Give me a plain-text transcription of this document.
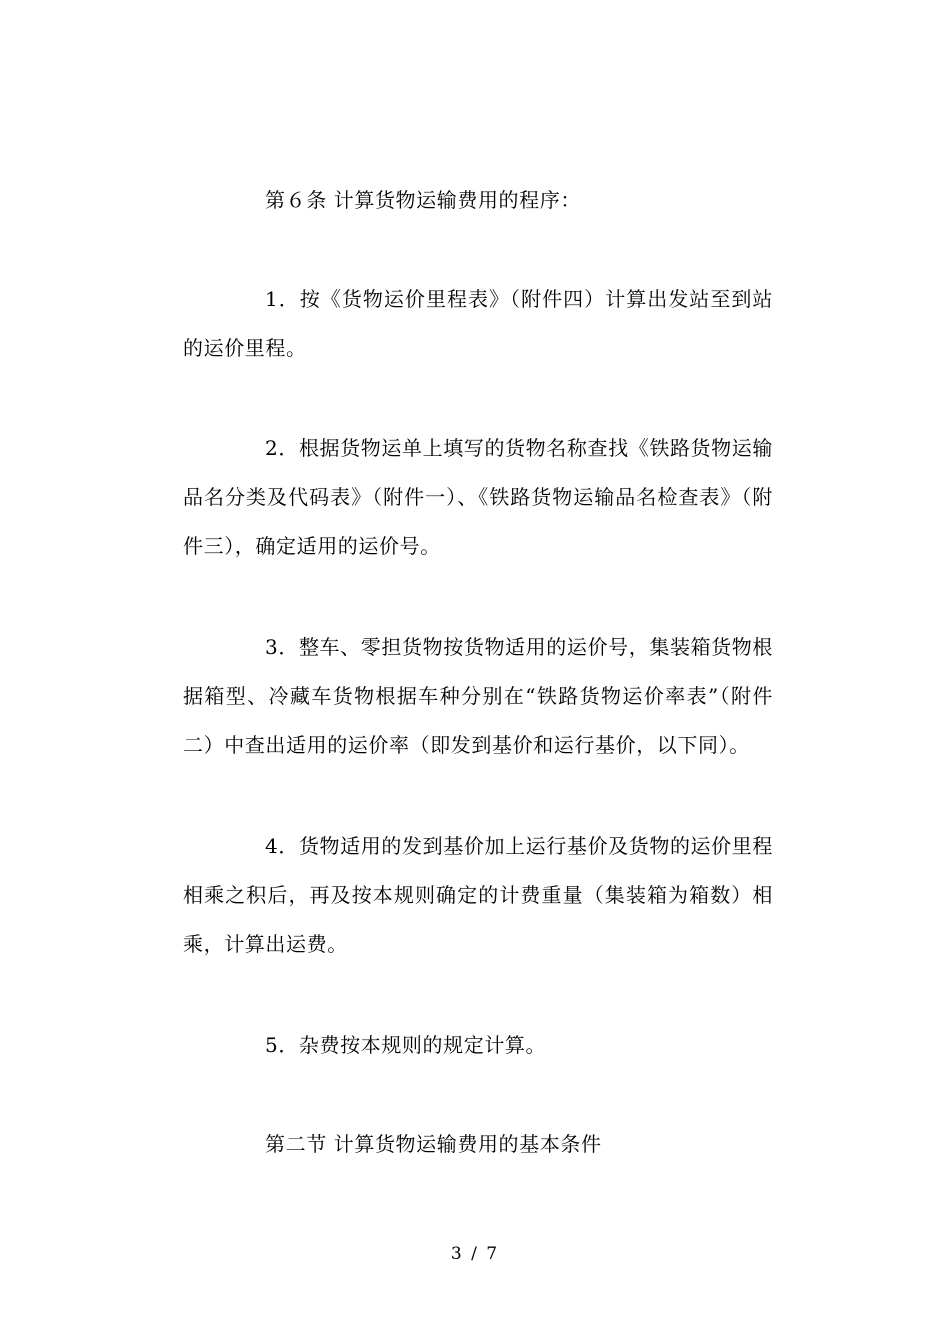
第６条 计算货物运输费用的程序：

1．按《货物运价里程表》（附件四）计算出发站至到站的运价里程。

2．根据货物运单上填写的货物名称查找《铁路货物运输品名分类及代码表》（附件一）、《铁路货物运输品名检查表》（附件三），确定适用的运价号。

3．整车、零担货物按货物适用的运价号，集装箱货物根据箱型、冷藏车货物根据车种分别在“铁路货物运价率表”（附件二）中查出适用的运价率（即发到基价和运行基价，以下同）。

4．货物适用的发到基价加上运行基价及货物的运价里程相乘之积后，再及按本规则确定的计费重量（集装箱为箱数）相乘，计算出运费。

5．杂费按本规则的规定计算。

第二节 计算货物运输费用的基本条件

3 / 7
